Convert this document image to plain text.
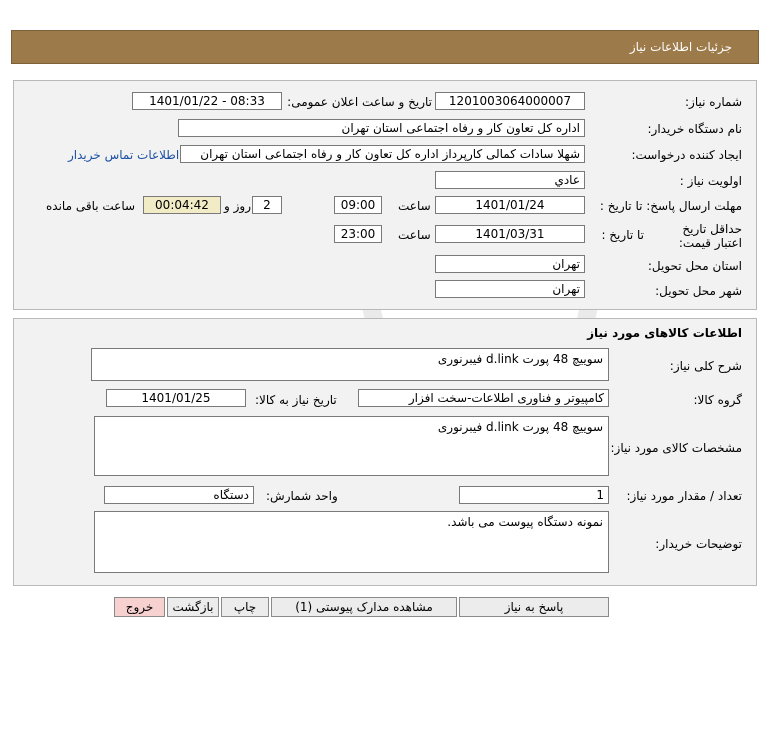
جزئیات اطلاعات نیاز
شماره نیاز:
1201003064000007
تاریخ و ساعت اعلان عمومی:
1401/01/22 - 08:33
نام دستگاه خریدار:
اداره کل تعاون کار و رفاه اجتماعی استان تهران
ایجاد کننده درخواست:
شهلا سادات کمالی کارپرداز اداره کل تعاون کار و رفاه اجتماعی استان تهران
اطلاعات تماس خریدار
اولویت نیاز :
عادي
مهلت ارسال پاسخ: تا تاریخ :
1401/01/24
ساعت
09:00
2
روز و
00:04:42
ساعت باقی مانده
حداقل تاریخ اعتبار قیمت:
تا تاریخ :
1401/03/31
ساعت
23:00
استان محل تحویل:
تهران
شهر محل تحویل:
تهران
اطلاعات کالاهای مورد نیاز
شرح کلی نیاز:
سوییچ 48 پورت d.link فیبرنوری
گروه کالا:
کامپیوتر و فناوری اطلاعات-سخت افزار
تاریخ نیاز به کالا:
1401/01/25
مشخصات کالای مورد نیاز:
سوییچ 48 پورت d.link فیبرنوری
تعداد / مقدار مورد نیاز:
1
واحد شمارش:
دستگاه
توضیحات خریدار:
نمونه دستگاه پیوست می باشد.
پاسخ به نیاز
مشاهده مدارک پیوستی (1)
چاپ
بازگشت
خروج
